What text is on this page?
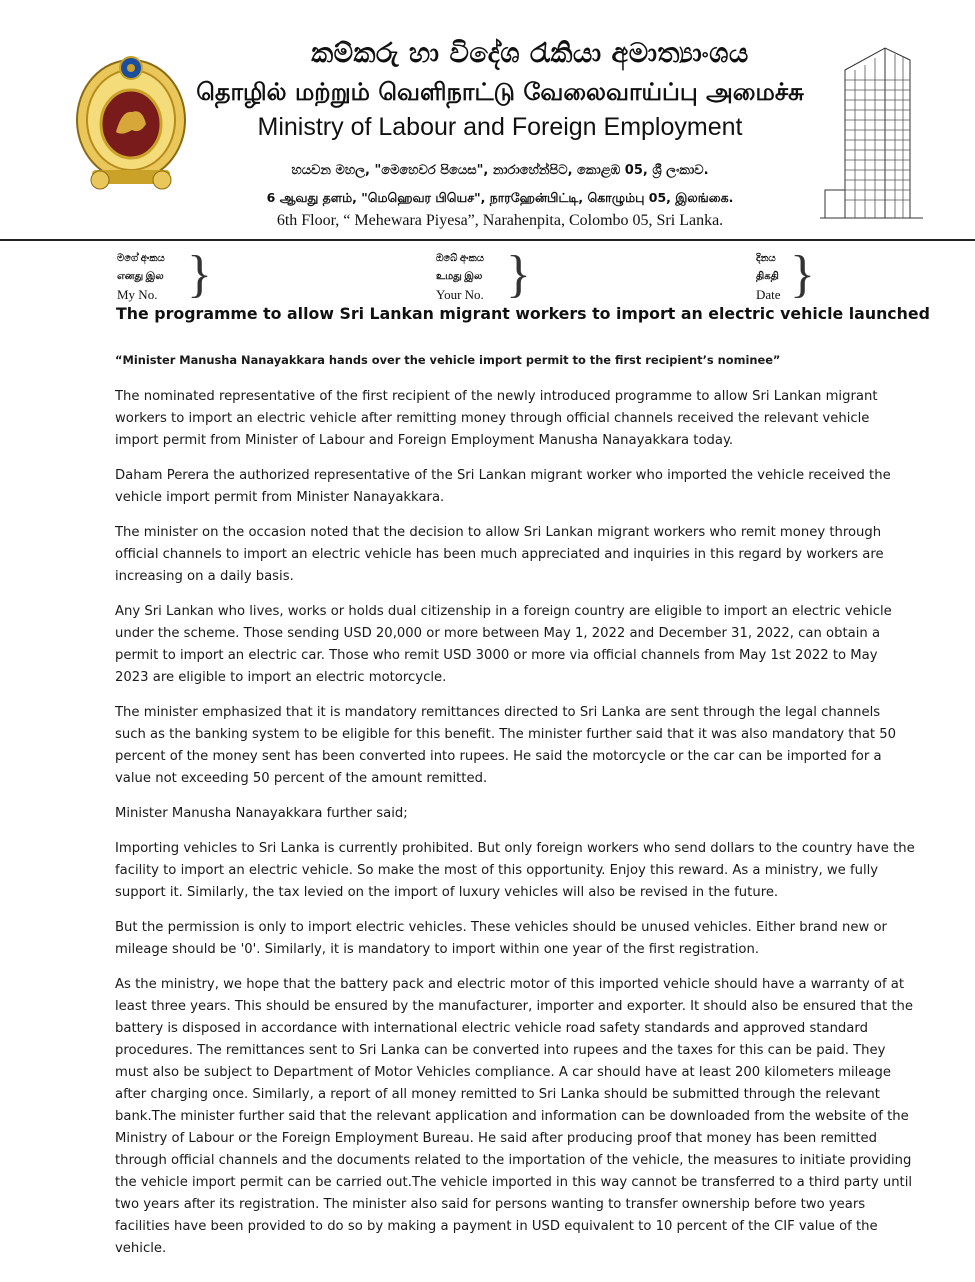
කම්කරු හා විදේශ රැකියා අමාත්‍යාංශය
தொழில் மற்றும் வெளிநாட்டு வேலைவாய்ப்பு அமைச்சு
Ministry of Labour and Foreign Employment
හයවන මහල, "මෙහෙවර පියෙස", නාරාහේන්පිට, කොළඹ 05, ශ්‍රී ලංකාව.
6 ஆவது தளம், "மெஹெவர பியெச", நாரஹேன்பிட்டி, கொழும்பு 05, இலங்கை.
6th Floor, “ Mehewara Piyesa”, Narahenpita, Colombo 05, Sri Lanka.
මගේ අංකය
எனது இல
My No. }	ඔබේ අංකය
உமது இல
Your No. }	දිනය
திகதி
Date }
The programme to allow Sri Lankan migrant workers to import an electric vehicle launched

“Minister Manusha Nanayakkara hands over the vehicle import permit to the first recipient’s nominee”

The nominated representative of the first recipient of the newly introduced programme to allow Sri Lankan migrant workers to import an electric vehicle after remitting money through official channels received the relevant vehicle import permit from Minister of Labour and Foreign Employment Manusha Nanayakkara today.

Daham Perera the authorized representative of the Sri Lankan migrant worker who imported the vehicle received the vehicle import permit from Minister Nanayakkara.

The minister on the occasion noted that the decision to allow Sri Lankan migrant workers who remit money through official channels to import an electric vehicle has been much appreciated and inquiries in this regard by workers are increasing on a daily basis.

Any Sri Lankan who lives, works or holds dual citizenship in a foreign country are eligible to import an electric vehicle under the scheme. Those sending USD 20,000 or more between May 1, 2022 and December 31, 2022, can obtain a permit to import an electric car. Those who remit USD 3000 or more via official channels from May 1st 2022 to May 2023 are eligible to import an electric motorcycle.

The minister emphasized that it is mandatory remittances directed to Sri Lanka are sent through the legal channels such as the banking system to be eligible for this benefit. The minister further said that it was also mandatory that 50 percent of the money sent has been converted into rupees. He said the motorcycle or the car can be imported for a value not exceeding 50 percent of the amount remitted.

Minister Manusha Nanayakkara further said;

Importing vehicles to Sri Lanka is currently prohibited. But only foreign workers who send dollars to the country have the facility to import an electric vehicle. So make the most of this opportunity. Enjoy this reward. As a ministry, we fully support it. Similarly, the tax levied on the import of luxury vehicles will also be revised in the future.

But the permission is only to import electric vehicles. These vehicles should be unused vehicles. Either brand new or mileage should be '0'. Similarly, it is mandatory to import within one year of the first registration.

As the ministry, we hope that the battery pack and electric motor of this imported vehicle should have a warranty of at least three years. This should be ensured by the manufacturer, importer and exporter. It should also be ensured that the battery is disposed in accordance with international electric vehicle road safety standards and approved standard procedures. The remittances sent to Sri Lanka can be converted into rupees and the taxes for this can be paid. They must also be subject to Department of Motor Vehicles compliance. A car should have at least 200 kilometers mileage after charging once. Similarly, a report of all money remitted to Sri Lanka should be submitted through the relevant bank.The minister further said that the relevant application and information can be downloaded from the website of the Ministry of Labour or the Foreign Employment Bureau. He said after producing proof that money has been remitted through official channels and the documents related to the importation of the vehicle, the measures to initiate providing the vehicle import permit can be carried out.The vehicle imported in this way cannot be transferred to a third party until two years after its registration. The minister also said for persons wanting to transfer ownership before two years facilities have been provided to do so by making a payment in USD equivalent to 10 percent of the CIF value of the vehicle.
